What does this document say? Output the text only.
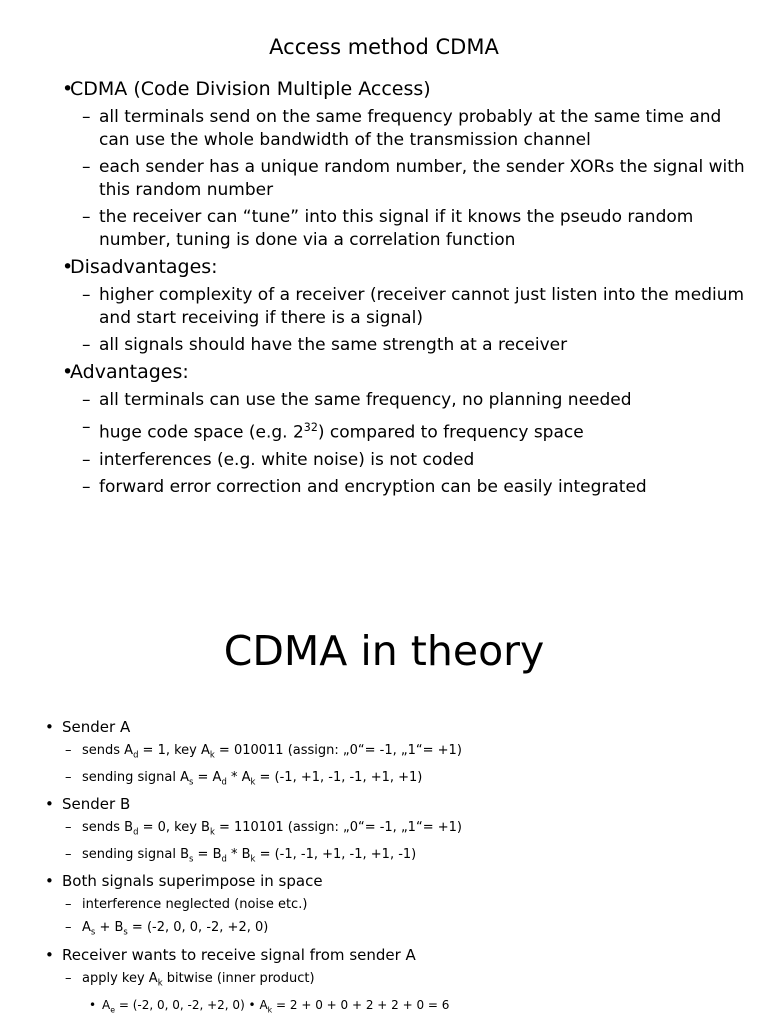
Access method CDMA
•CDMA (Code Division Multiple Access)
– all terminals send on the same frequency probably at the same time and can use the whole bandwidth of the transmission channel
– each sender has a unique random number, the sender XORs the signal with this random number
– the receiver can “tune” into this signal if it knows the pseudo random number, tuning is done via a correlation function
•Disadvantages:
– higher complexity of a receiver (receiver cannot just listen into the medium and start receiving if there is a signal)
– all signals should have the same strength at a receiver
•Advantages:
– all terminals can use the same frequency, no planning needed
– huge code space (e.g. $2^{32}$) compared to frequency space
– interferences (e.g. white noise) is not coded
– forward error correction and encryption can be easily integrated
CDMA in theory
• Sender A
– sends $A_d = 1$, key $A_k = 010011$ (assign: „0“= -1, „1“= +1)
– sending signal $A_s = A_d * A_k = (-1$, +1, -1, -1, +1, +1)
• Sender B
– sends $B_d = 0$, key $B_k = 110101$ (assign: „0“= -1, „1“= +1)
– sending signal $B_s = B_d * B_k = (-1$, -1, +1, -1, +1, -1)
• Both signals superimpose in space
– interference neglected (noise etc.)
– $A_s + B_s = (-2$, 0, 0, -2, +2, 0)
• Receiver wants to receive signal from sender A
– apply key $A_k$ bitwise (inner product)
• $A_e = (-2$, 0, 0, -2, +2, 0) • $A_k = 2 + 0 + 0 + 2 + 2 + 0 = 6$
